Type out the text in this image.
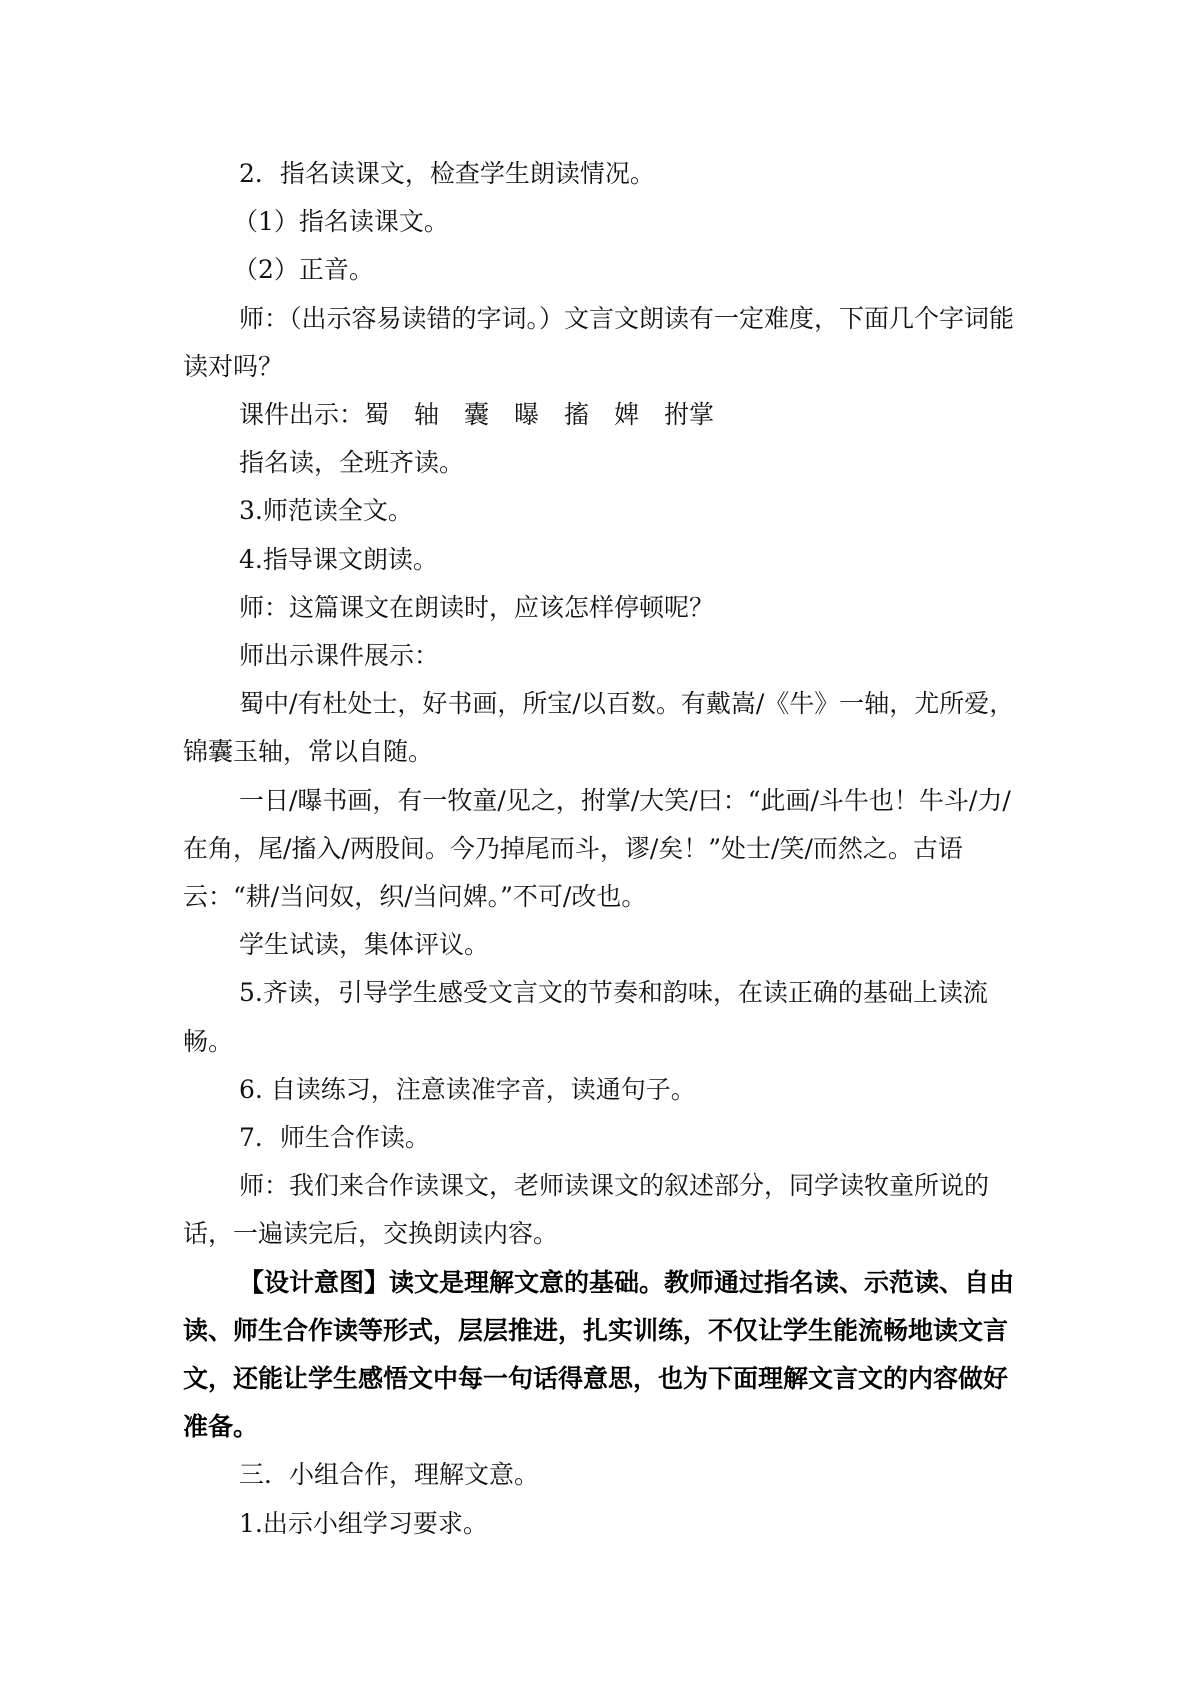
2．指名读课文，检查学生朗读情况。

（1）指名读课文。

（2）正音。

师：（出示容易读错的字词。）文言文朗读有一定难度，下面几个字词能读对吗？

课件出示：蜀　轴　囊　曝　搐　婢　拊掌

指名读，全班齐读。

3.师范读全文。

4.指导课文朗读。

师：这篇课文在朗读时，应该怎样停顿呢？

师出示课件展示：

蜀中/有杜处士，好书画，所宝/以百数。有戴嵩/《牛》一轴，尤所爱，锦囊玉轴，常以自随。

一日/曝书画，有一牧童/见之，拊掌/大笑/曰：“此画/斗牛也！牛斗/力/在角，尾/搐入/两股间。今乃掉尾而斗，谬/矣！”处士/笑/而然之。古语云：“耕/当问奴，织/当问婢。”不可/改也。

学生试读，集体评议。

5.齐读，引导学生感受文言文的节奏和韵味，在读正确的基础上读流畅。

6. 自读练习，注意读准字音，读通句子。

7．师生合作读。

师：我们来合作读课文，老师读课文的叙述部分，同学读牧童所说的话，一遍读完后，交换朗读内容。

【设计意图】读文是理解文意的基础。教师通过指名读、示范读、自由读、师生合作读等形式，层层推进，扎实训练，不仅让学生能流畅地读文言文，还能让学生感悟文中每一句话得意思，也为下面理解文言文的内容做好准备。

三．小组合作，理解文意。

1.出示小组学习要求。
